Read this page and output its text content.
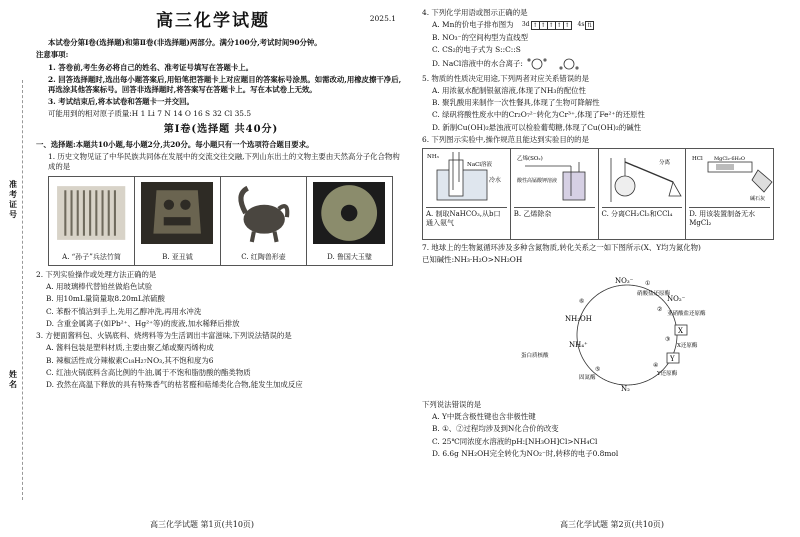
准考证号
姓名
高三化学试题	2025.1

本试卷分第Ⅰ卷(选择题)和第Ⅱ卷(非选择题)两部分。满分100分,考试时间90分钟。

注意事项:

1. 答卷前,考生务必将自己的姓名、准考证号填写在答题卡上。

2. 回答选择题时,选出每小题答案后,用铅笔把答题卡上对应题目的答案标号涂黑。如需改动,用橡皮擦干净后,再选涂其他答案标号。回答非选择题时,将答案写在答题卡上。写在本试卷上无效。

3. 考试结束后,将本试卷和答题卡一并交回。

可能用到的相对原子质量:H 1 Li 7 N 14 O 16 S 32 Cl 35.5

第Ⅰ卷(选择题 共40分)

一、选择题:本题共10小题,每小题2分,共20分。每小题只有一个选项符合题目要求。

1. 历史文物见证了中华民族共同体在发展中的交流交往交融,下列山东出土的文物主要由天然高分子化合物构成的是

A. “孙子”兵法竹简	B. 亚丑钺	C. 红陶兽形壶	D. 鲁国大玉璧

2. 下列实验操作或处理方法正确的是

A. 用玻璃棒代替铂丝做焰色试验

B. 用10mL量筒量取8.20mL浓硫酸

C. 苯酚不慎沾到手上,先用乙醇冲洗,再用水冲洗

D. 含重金属离子(如Pb²⁺、Hg²⁺等)的废液,加水稀释后排放

3. 方便面酱料包、火锅底料、烧烤料等为生活调出丰富滋味,下列说法错误的是

A. 酱料包装是塑料材质,主要由聚乙烯或聚丙烯构成

B. 辣椒活性成分辣椒素C₁₈H₂₇NO₃,其不饱和度为6

C. 红油火锅底料含高比例的牛油,属于不饱和脂肪酸的酯类物质

D. 孜然在高温下释放的具有特殊香气的枯茗醛和萜烯类化合物,能发生加成反应

高三化学试题 第1页(共10页)

4. 下列化学用语或图示正确的是

A. Mn的价电子排布图为 3d ↑ ↑ ↑ ↑ ↑	4s ⇅

B. NO₃⁻的空间构型为直线型

C. CS₂的电子式为 S::C::S

D. NaCl溶液中的水合离子:

5. 物质的性质决定用途,下列两者对应关系错误的是

A. 用浓氨水配制银氨溶液,体现了NH₃的配位性

B. 聚乳酸用来制作一次性餐具,体现了生物可降解性

C. 绿矾将酸性废水中的Cr₂O₇²⁻转化为Cr³⁺,体现了Fe²⁺的还原性

D. 新制Cu(OH)₂悬浊液可以检验葡萄糖,体现了Cu(OH)₂的碱性

6. 下列图示实验中,操作规范且能达到实验目的的是

冷水
NaCl溶液
NH₃
A. 制取NaHCO₃,从b口通入氨气
乙烯(SO₂)
酸性高锰酸钾溶液
B. 乙烯除杂
分离
C. 分离CH₂Cl₂和CCl₄
HCl MgCl₂·6H₂O
碱石灰
D. 用该装置制备无水MgCl₂

7. 地球上的生物氮循环涉及多种含氮物质,转化关系之一如下图所示(X、Y均为氮化物)

已知碱性:NH₃·H₂O>NH₂OH

NO₃⁻ ①
硝酸盐还原酶
NO₂⁻
②
亚硝酸盐还原酶
X
X还原酶
③
Y
Y还原酶
④
N₂
固氮酶
⑤
NH₄⁺
蛋白质核酸
NH₂OH
⑥

下列说法错误的是

A. Y中既含极性键也含非极性键

B. ①、②过程均涉及到N化合价的改变

C. 25℃同浓度水溶液的pH:[NH₃OH]Cl>NH₄Cl

D. 6.6g NH₂OH完全转化为NO₂⁻时,转移的电子0.8mol

高三化学试题 第2页(共10页)
